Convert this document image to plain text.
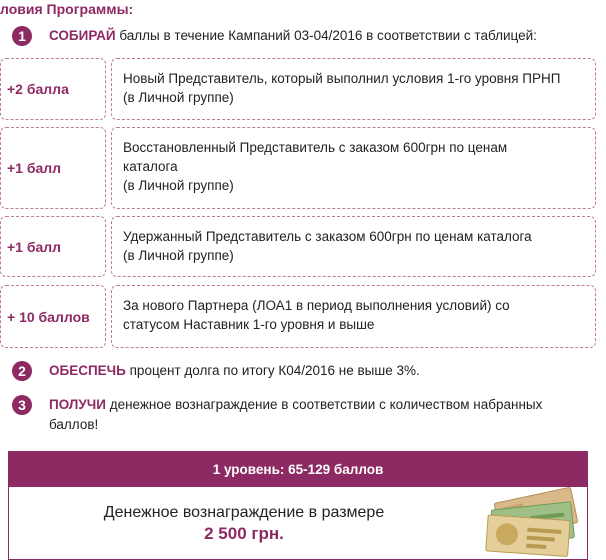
ловия Программы:
1	СОБИРАЙ баллы в течение Кампаний 03-04/2016 в соответствии с таблицей:
+2 балла
Новый Представитель, который выполнил условия 1-го уровня ПРНП
(в Личной группе)
+1 балл
Восстановленный Представитель с заказом 600грн по ценам
каталога
(в Личной группе)
+1 балл
Удержанный Представитель с заказом 600грн по ценам каталога
(в Личной группе)
+ 10 баллов
За нового Партнера (ЛОА1 в период выполнения условий) со
статусом Наставник 1-го уровня и выше
2	ОБЕСПЕЧЬ процент долга по итогу К04/2016 не выше 3%.
3	ПОЛУЧИ денежное вознаграждение в соответствии с количеством набранных баллов!
1 уровень: 65-129 баллов
Денежное вознаграждение в размере
2 500 грн.
